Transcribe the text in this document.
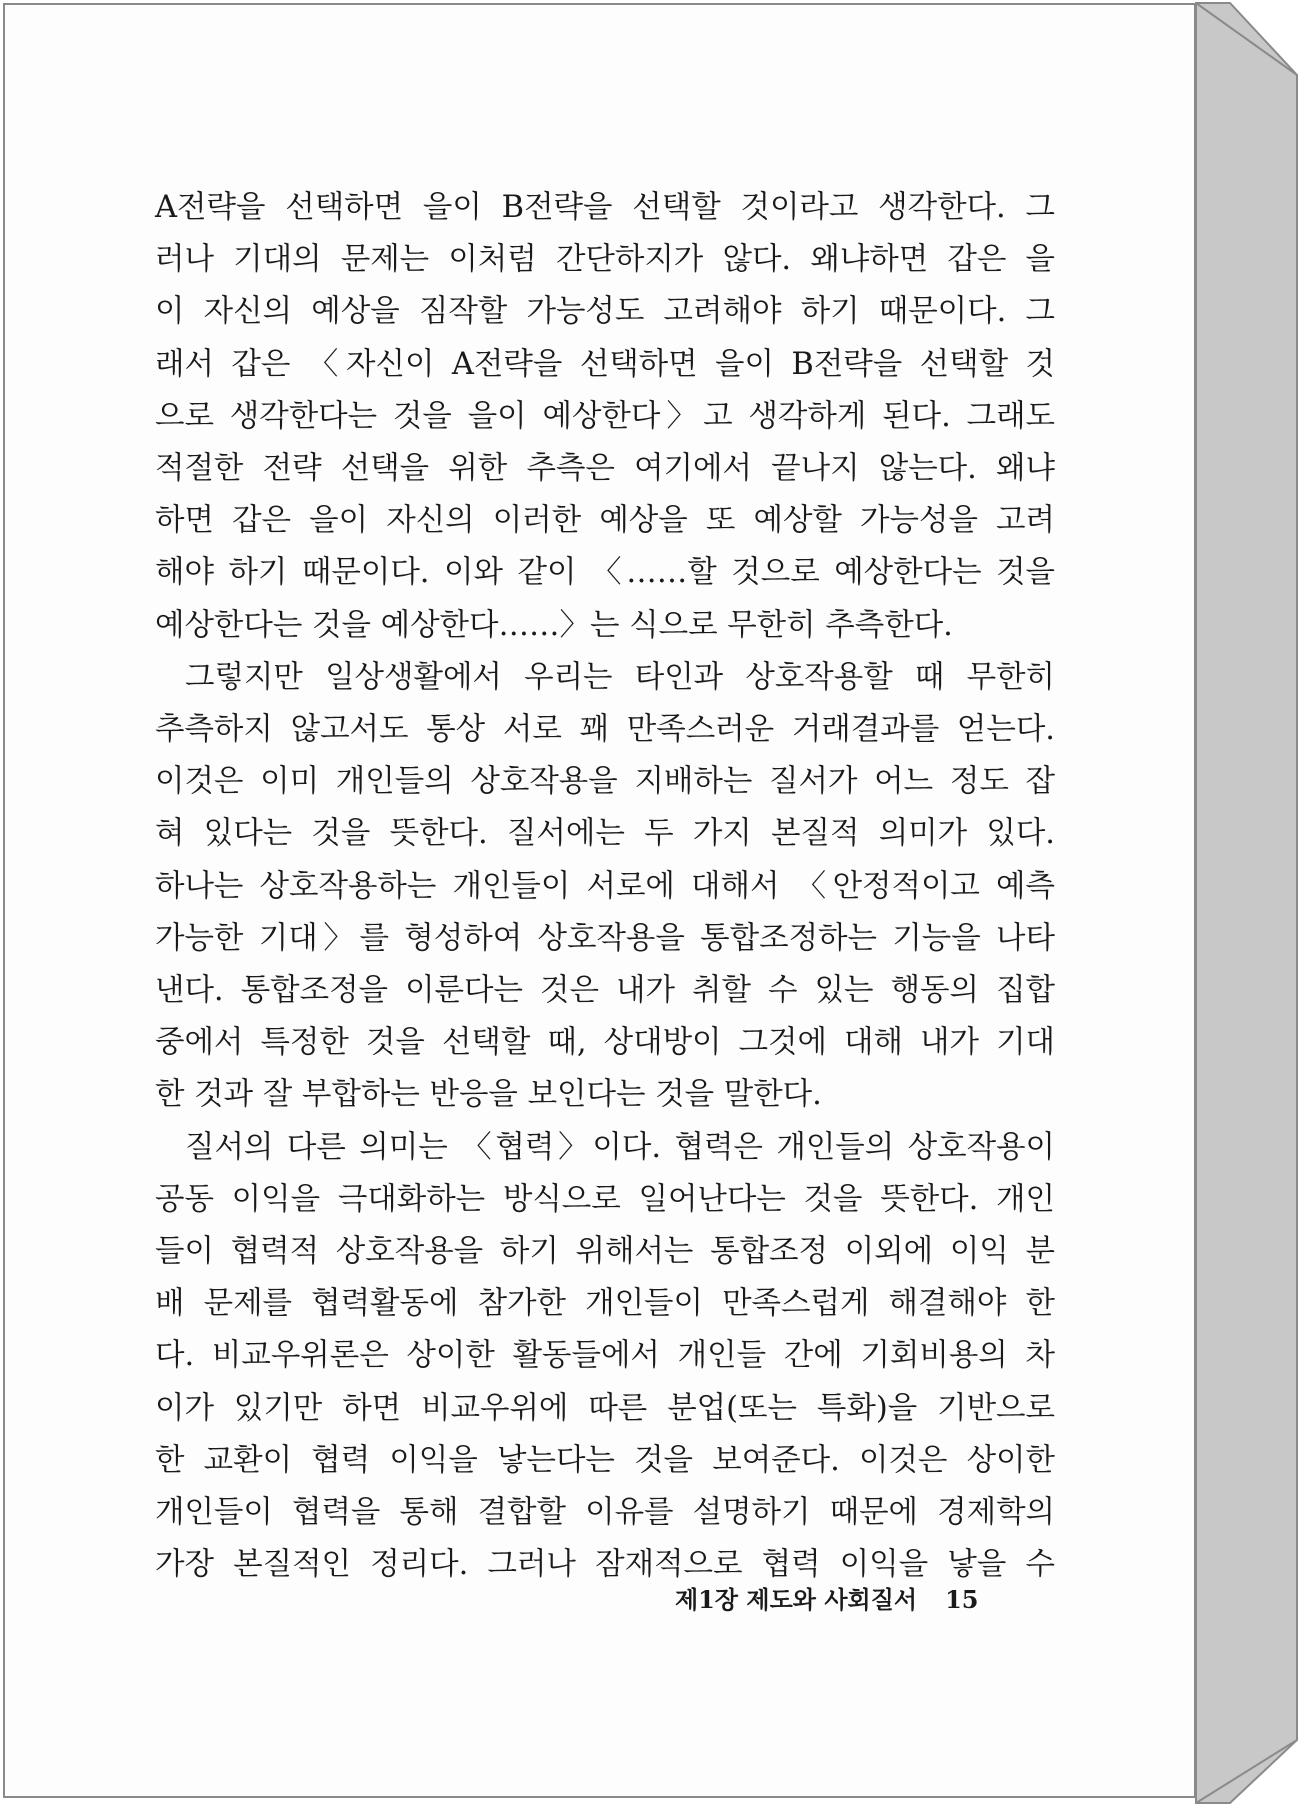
A전략을 선택하면 을이 B전략을 선택할 것이라고 생각한다. 그
러나 기대의 문제는 이처럼 간단하지가 않다. 왜냐하면 갑은 을
이 자신의 예상을 짐작할 가능성도 고려해야 하기 때문이다. 그
래서 갑은 〈자신이 A전략을 선택하면 을이 B전략을 선택할 것
으로 생각한다는 것을 을이 예상한다〉고 생각하게 된다. 그래도
적절한 전략 선택을 위한 추측은 여기에서 끝나지 않는다. 왜냐
하면 갑은 을이 자신의 이러한 예상을 또 예상할 가능성을 고려
해야 하기 때문이다. 이와 같이 〈……할 것으로 예상한다는 것을
예상한다는 것을 예상한다……〉는 식으로 무한히 추측한다.
그렇지만 일상생활에서 우리는 타인과 상호작용할 때 무한히
추측하지 않고서도 통상 서로 꽤 만족스러운 거래결과를 얻는다.
이것은 이미 개인들의 상호작용을 지배하는 질서가 어느 정도 잡
혀 있다는 것을 뜻한다. 질서에는 두 가지 본질적 의미가 있다.
하나는 상호작용하는 개인들이 서로에 대해서 〈안정적이고 예측
가능한 기대〉를 형성하여 상호작용을 통합조정하는 기능을 나타
낸다. 통합조정을 이룬다는 것은 내가 취할 수 있는 행동의 집합
중에서 특정한 것을 선택할 때, 상대방이 그것에 대해 내가 기대
한 것과 잘 부합하는 반응을 보인다는 것을 말한다.
질서의 다른 의미는 〈협력〉이다. 협력은 개인들의 상호작용이
공동 이익을 극대화하는 방식으로 일어난다는 것을 뜻한다. 개인
들이 협력적 상호작용을 하기 위해서는 통합조정 이외에 이익 분
배 문제를 협력활동에 참가한 개인들이 만족스럽게 해결해야 한
다. 비교우위론은 상이한 활동들에서 개인들 간에 기회비용의 차
이가 있기만 하면 비교우위에 따른 분업(또는 특화)을 기반으로
한 교환이 협력 이익을 낳는다는 것을 보여준다. 이것은 상이한
개인들이 협력을 통해 결합할 이유를 설명하기 때문에 경제학의
가장 본질적인 정리다. 그러나 잠재적으로 협력 이익을 낳을 수
제1장 제도와 사회질서 15
